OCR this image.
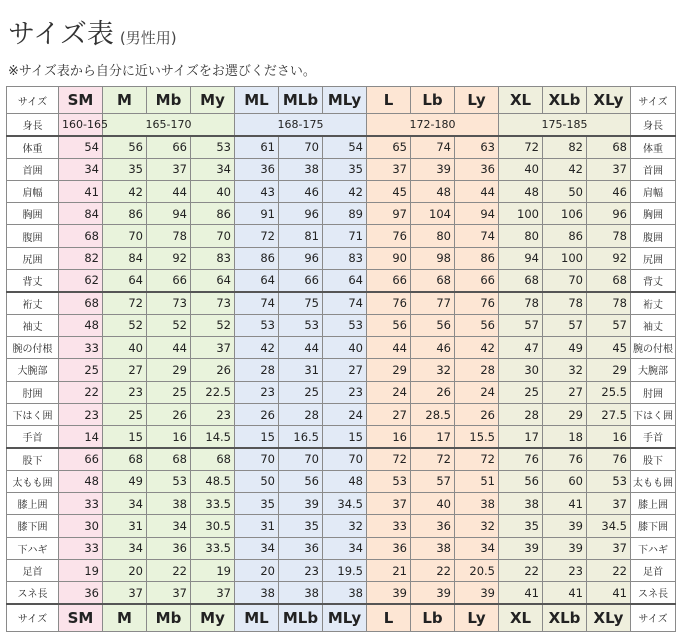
サイズ表 (男性用)
※サイズ表から自分に近いサイズをお選びください。
サイズ	SM	M	Mb	My	ML	MLb	MLy	L	Lb	Ly	XL	XLb	XLy	サイズ
身長	160-165	165-170			168-175			172-180			175-185			身長
体重	54	56	66	53	61	70	54	65	74	63	72	82	68	体重
首囲	34	35	37	34	36	38	35	37	39	36	40	42	37	首囲
肩幅	41	42	44	40	43	46	42	45	48	44	48	50	46	肩幅
胸囲	84	86	94	86	91	96	89	97	104	94	100	106	96	胸囲
腹囲	68	70	78	70	72	81	71	76	80	74	80	86	78	腹囲
尻囲	82	84	92	83	86	96	83	90	98	86	94	100	92	尻囲
背丈	62	64	66	64	64	66	64	66	68	66	68	70	68	背丈
裄丈	68	72	73	73	74	75	74	76	77	76	78	78	78	裄丈
袖丈	48	52	52	52	53	53	53	56	56	56	57	57	57	袖丈
腕の付根	33	40	44	37	42	44	40	44	46	42	47	49	45	腕の付根
大腕部	25	27	29	26	28	31	27	29	32	28	30	32	29	大腕部
肘囲	22	23	25	22.5	23	25	23	24	26	24	25	27	25.5	肘囲
下はく囲	23	25	26	23	26	28	24	27	28.5	26	28	29	27.5	下はく囲
手首	14	15	16	14.5	15	16.5	15	16	17	15.5	17	18	16	手首
股下	66	68	68	68	70	70	70	72	72	72	76	76	76	股下
太もも囲	48	49	53	48.5	50	56	48	53	57	51	56	60	53	太もも囲
膝上囲	33	34	38	33.5	35	39	34.5	37	40	38	38	41	37	膝上囲
膝下囲	30	31	34	30.5	31	35	32	33	36	32	35	39	34.5	膝下囲
下ハギ	33	34	36	33.5	34	36	34	36	38	34	39	39	37	下ハギ
足首	19	20	22	19	20	23	19.5	21	22	20.5	22	23	22	足首
スネ長	36	37	37	37	38	38	38	39	39	39	41	41	41	スネ長
サイズ	SM	M	Mb	My	ML	MLb	MLy	L	Lb	Ly	XL	XLb	XLy	サイズ
